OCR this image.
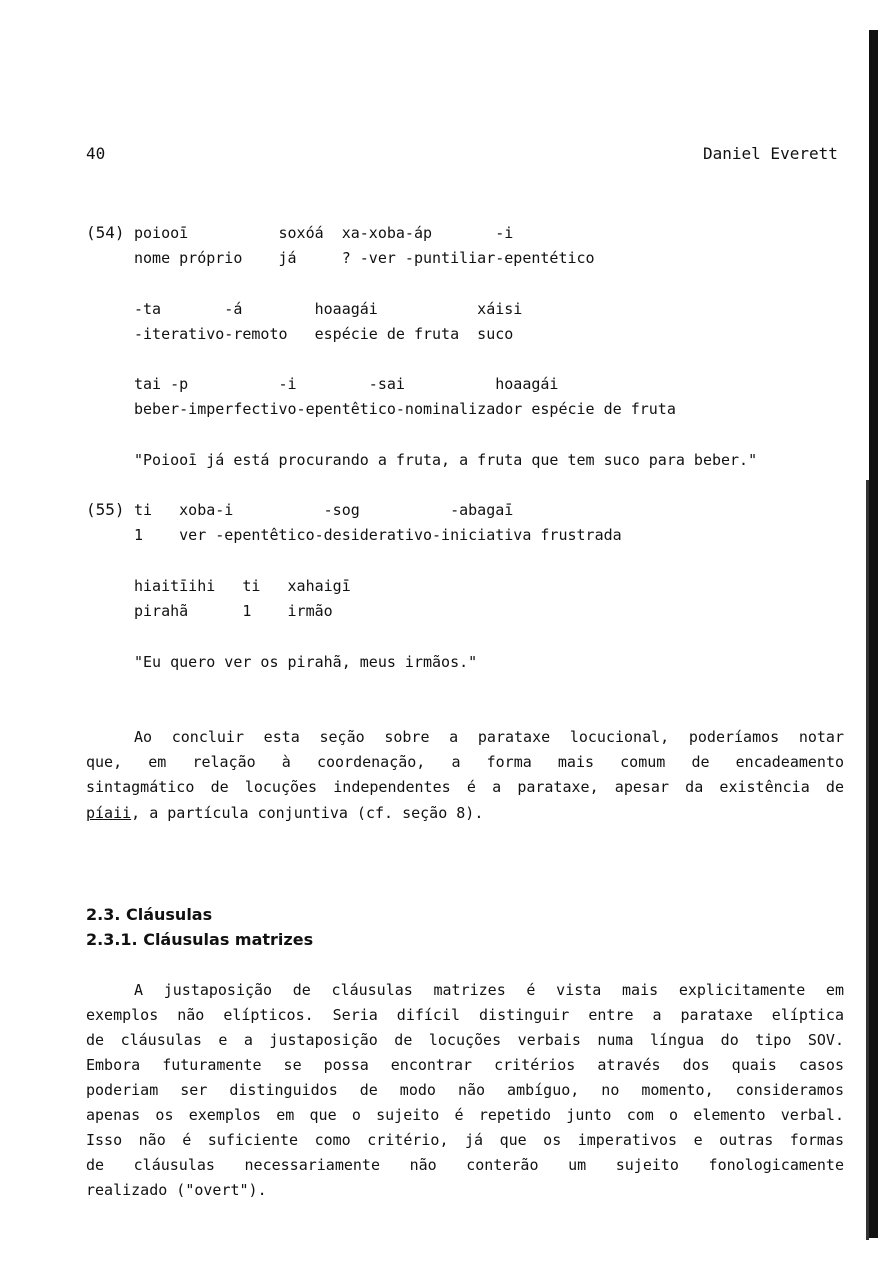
40	Daniel Everett
(54) poiooī          soxóá  xa-xoba-áp       -i
nome próprio    já     ? -ver -puntiliar-epentético
-ta       -á        hoaagái           xáisi
-iterativo-remoto   espécie de fruta  suco
tai -p          -i        -sai          hoaagái
beber-imperfectivo-epentêtico-nominalizador espécie de fruta
"Poiooī já está procurando a fruta, a fruta que tem suco para beber."
(55) ti   xoba-i          -sog          -abagaī
1    ver -epentêtico-desiderativo-iniciativa frustrada
hiaitīihi   ti   xahaigī
pirahã      1    irmão
"Eu quero ver os pirahã, meus irmãos."
Ao concluir esta seção sobre a parataxe locucional, poderíamos notar
que, em relação à coordenação, a forma mais comum de encadeamento
sintagmático de locuções independentes é a parataxe, apesar da existência de
píaii, a partícula conjuntiva (cf. seção 8).
2.3. Cláusulas
2.3.1. Cláusulas matrizes
A justaposição de cláusulas matrizes é vista mais explicitamente em
exemplos não elípticos. Seria difícil distinguir entre a parataxe elíptica
de cláusulas e a justaposição de locuções verbais numa língua do tipo SOV.
Embora futuramente se possa encontrar critérios através dos quais casos
poderiam ser distinguidos de modo não ambíguo, no momento, consideramos
apenas os exemplos em que o sujeito é repetido junto com o elemento verbal.
Isso não é suficiente como critério, já que os imperativos e outras formas
de cláusulas necessariamente não conterão um sujeito fonologicamente
realizado ("overt").
